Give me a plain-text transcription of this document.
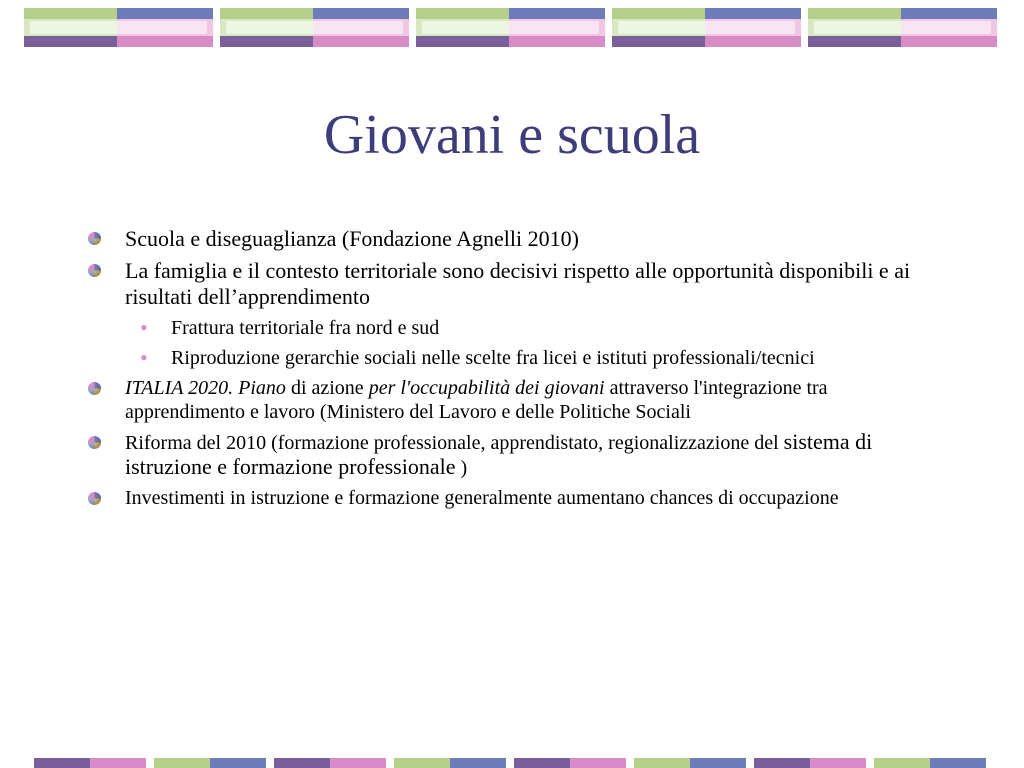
Giovani e scuola
Scuola e diseguaglianza (Fondazione Agnelli 2010)
La famiglia e il contesto territoriale sono decisivi rispetto alle opportunità disponibili e ai risultati dell’apprendimento
• Frattura territoriale fra nord e sud
• Riproduzione gerarchie sociali nelle scelte fra licei e istituti professionali/tecnici
ITALIA 2020. Piano di azione per l'occupabilità dei giovani attraverso l'integrazione tra apprendimento e lavoro (Ministero del Lavoro e delle Politiche Sociali
Riforma del 2010 (formazione professionale, apprendistato, regionalizzazione del sistema di istruzione e formazione professionale )
Investimenti in istruzione e formazione generalmente aumentano chances di occupazione
